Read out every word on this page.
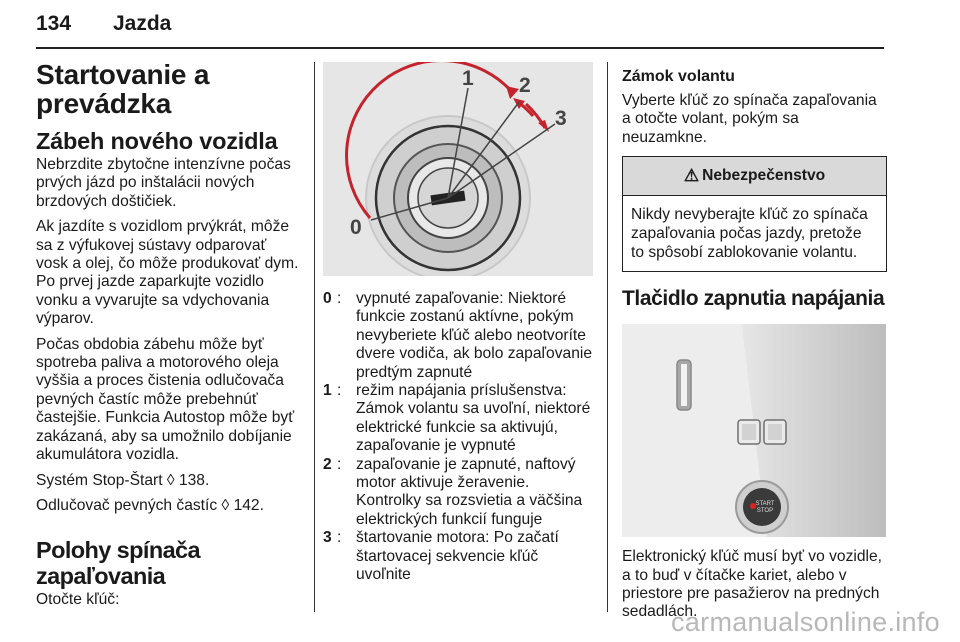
134 Jazda
Startovanie a
prevádzka
Zábeh nového vozidla

Nebrzdite zbytočne intenzívne počas prvých jázd po inštalácii nových brzdových doštičiek.

Ak jazdíte s vozidlom prvýkrát, môže sa z výfukovej sústavy odparovať vosk a olej, čo môže produkovať dym. Po prvej jazde zaparkujte vozidlo vonku a vyvarujte sa vdychovania výparov.

Počas obdobia zábehu môže byť spotreba paliva a motorového oleja vyššia a proces čistenia odlučovača pevných častíc môže prebehnúť častejšie. Funkcia Autostop môže byť zakázaná, aby sa umožnilo dobíjanie akumulátora vozidla.

Systém Stop-Štart ◊ 138.

Odlučovač pevných častíc ◊ 142.

Polohy spínača zapaľovania

Otočte kľúč:

0
1 2
3
0 : vypnuté zapaľovanie: Niektoré funkcie zostanú aktívne, pokým nevyberiete kľúč alebo neotvoríte dvere vodiča, ak bolo zapaľovanie predtým zapnuté
1 : režim napájania príslušenstva: Zámok volantu sa uvoľní, niektoré elektrické funkcie sa aktivujú, zapaľovanie je vypnuté
2 : zapaľovanie je zapnuté, naftový motor aktivuje žeravenie. Kontrolky sa rozsvietia a väčšina elektrických funkcií funguje
3 : štartovanie motora: Po začatí štartovacej sekvencie kľúč uvoľnite
Zámok volantu

Vyberte kľúč zo spínača zapaľovania a otočte volant, pokým sa neuzamkne.

⚠ Nebezpečenstvo
Nikdy nevyberajte kľúč zo spínača zapaľovania počas jazdy, pretože to spôsobí zablokovanie volantu.
Tlačidlo zapnutia napájania
START
STOP

Elektronický kľúč musí byť vo vozidle, a to buď v čítačke kariet, alebo v priestore pre pasažierov na predných sedadlách.

carmanualsonline.info
